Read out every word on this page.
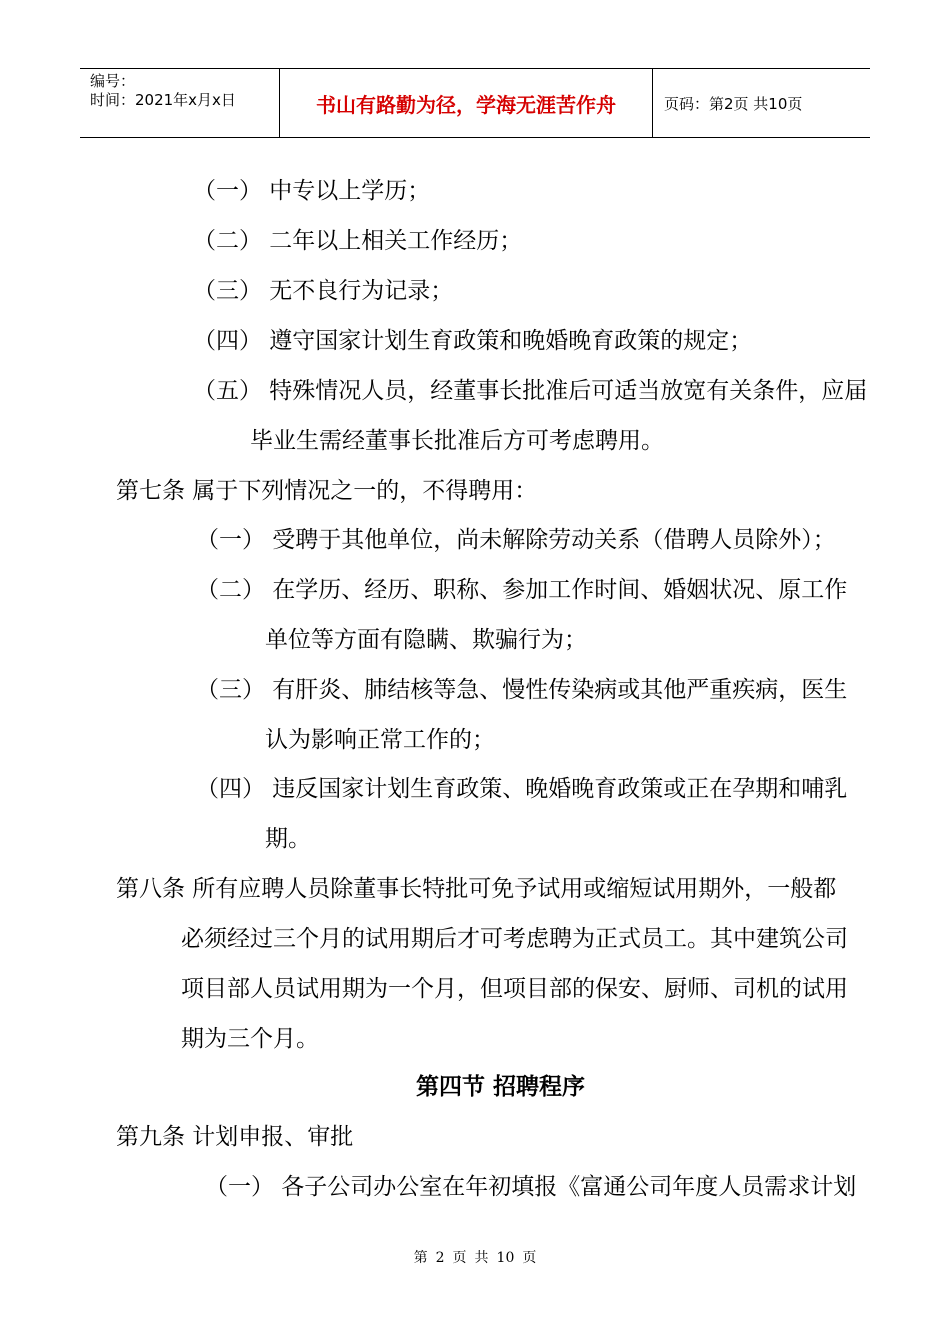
编号：
时间：2021年x月x日	书山有路勤为径，学海无涯苦作舟	页码：第2页 共10页
（一） 中专以上学历；
（二） 二年以上相关工作经历；
（三） 无不良行为记录；
（四） 遵守国家计划生育政策和晚婚晚育政策的规定；
（五） 特殊情况人员，经董事长批准后可适当放宽有关条件，应届
毕业生需经董事长批准后方可考虑聘用。
第七条 属于下列情况之一的，不得聘用：
（一） 受聘于其他单位，尚未解除劳动关系（借聘人员除外）；
（二） 在学历、经历、职称、参加工作时间、婚姻状况、原工作
单位等方面有隐瞒、欺骗行为；
（三） 有肝炎、肺结核等急、慢性传染病或其他严重疾病，医生
认为影响正常工作的；
（四） 违反国家计划生育政策、晚婚晚育政策或正在孕期和哺乳
期。
第八条 所有应聘人员除董事长特批可免予试用或缩短试用期外，一般都
必须经过三个月的试用期后才可考虑聘为正式员工。其中建筑公司
项目部人员试用期为一个月，但项目部的保安、厨师、司机的试用
期为三个月。
第四节 招聘程序
第九条 计划申报、审批
（一） 各子公司办公室在年初填报《富通公司年度人员需求计划
第 2 页 共 10 页
